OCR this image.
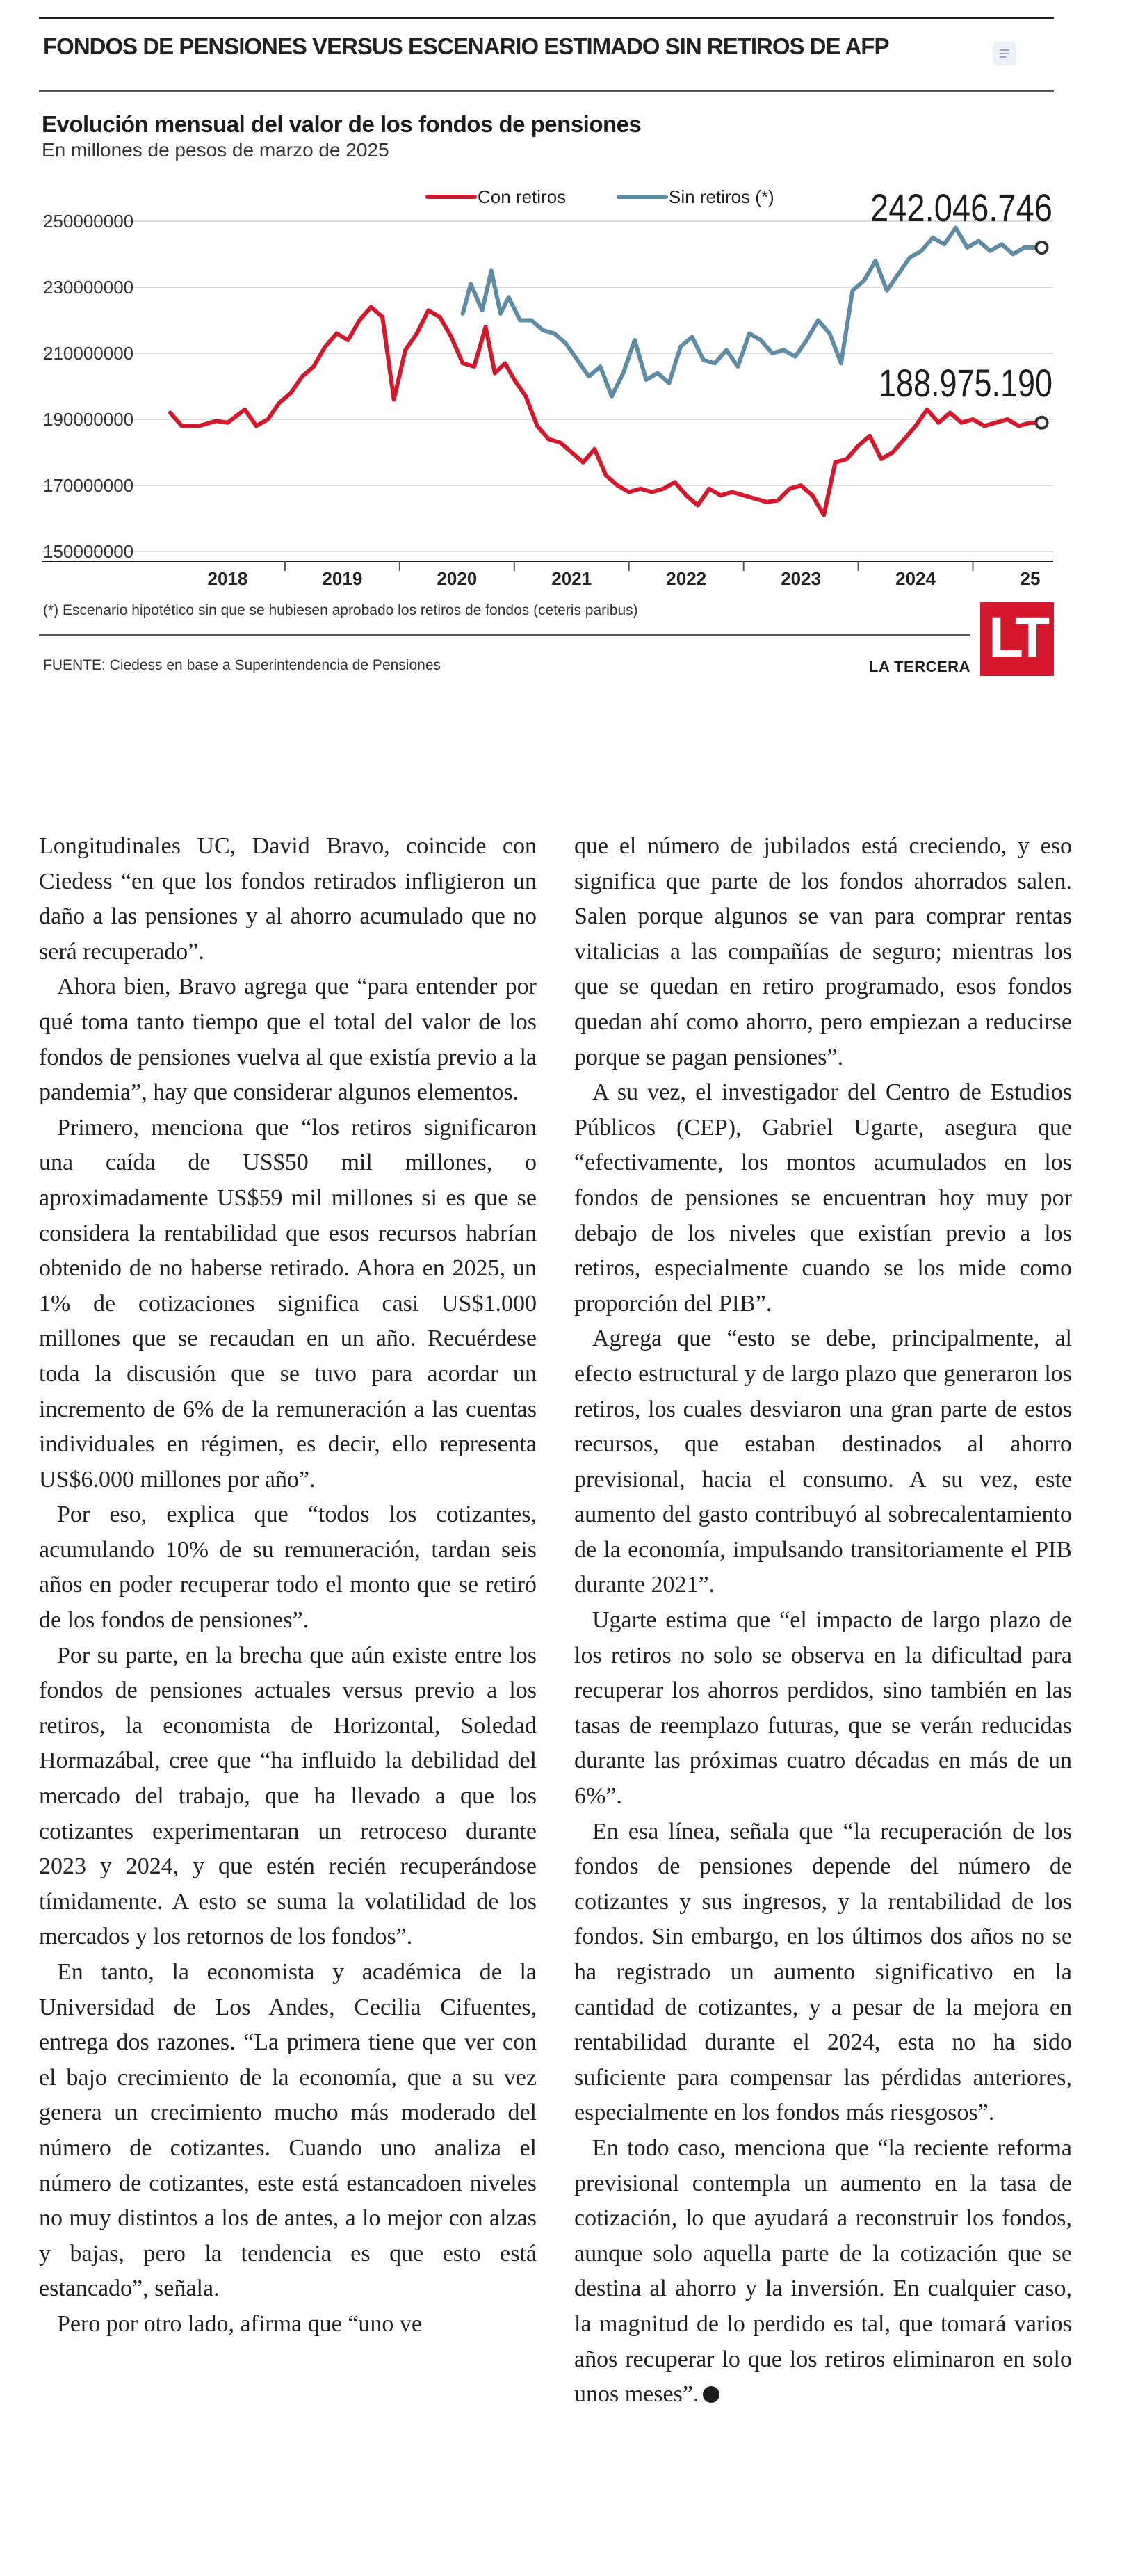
FONDOS DE PENSIONES VERSUS ESCENARIO ESTIMADO SIN RETIROS DE AFP
Evolución mensual del valor de los fondos de pensiones
En millones de pesos de marzo de 2025
250000000
230000000
210000000
190000000
170000000
150000000
2018	2019	2020	2021	2022	2023	2024	25
Con retiros	Sin retiros (*)
188.975.190
242.046.746
(*) Escenario hipotético sin que se hubiesen aprobado los retiros de fondos (ceteris paribus)
FUENTE: Ciedess en base a Superintendencia de Pensiones	LA TERCERA LT

Longitudinales UC, David Bravo, coincide con Ciedess “en que los fondos retirados infligieron un daño a las pensiones y al ahorro acumulado que no será recuperado”.

Ahora bien, Bravo agrega que “para entender por qué toma tanto tiempo que el total del valor de los fondos de pensiones vuelva al que existía previo a la pandemia”, hay que considerar algunos elementos.

Primero, menciona que “los retiros significaron una caída de US$50 mil millones, o aproximadamente US$59 mil millones si es que se considera la rentabilidad que esos recursos habrían obtenido de no haberse retirado. Ahora en 2025, un 1% de cotizaciones significa casi US$1.000 millones que se recaudan en un año. Recuérdese toda la discusión que se tuvo para acordar un incremento de 6% de la remuneración a las cuentas individuales en régimen, es decir, ello representa US$6.000 millones por año”.

Por eso, explica que “todos los cotizantes, acumulando 10% de su remuneración, tardan seis años en poder recuperar todo el monto que se retiró de los fondos de pensiones”.

Por su parte, en la brecha que aún existe entre los fondos de pensiones actuales versus previo a los retiros, la economista de Horizontal, Soledad Hormazábal, cree que “ha influido la debilidad del mercado del trabajo, que ha llevado a que los cotizantes experimentaran un retroceso durante 2023 y 2024, y que estén recién recuperándose tímidamente. A esto se suma la volatilidad de los mercados y los retornos de los fondos”.

En tanto, la economista y académica de la Universidad de Los Andes, Cecilia Cifuentes, entrega dos razones. “La primera tiene que ver con el bajo crecimiento de la economía, que a su vez genera un crecimiento mucho más moderado del número de cotizantes. Cuando uno analiza el número de cotizantes, este está estancadoen niveles no muy distintos a los de antes, a lo mejor con alzas y bajas, pero la tendencia es que esto está estancado”, señala.

Pero por otro lado, afirma que “uno ve

que el número de jubilados está creciendo, y eso significa que parte de los fondos ahorrados salen. Salen porque algunos se van para comprar rentas vitalicias a las compañías de seguro; mientras los que se quedan en retiro programado, esos fondos quedan ahí como ahorro, pero empiezan a reducirse porque se pagan pensiones”.

A su vez, el investigador del Centro de Estudios Públicos (CEP), Gabriel Ugarte, asegura que “efectivamente, los montos acumulados en los fondos de pensiones se encuentran hoy muy por debajo de los niveles que existían previo a los retiros, especialmente cuando se los mide como proporción del PIB”.

Agrega que “esto se debe, principalmente, al efecto estructural y de largo plazo que generaron los retiros, los cuales desviaron una gran parte de estos recursos, que estaban destinados al ahorro previsional, hacia el consumo. A su vez, este aumento del gasto contribuyó al sobrecalentamiento de la economía, impulsando transitoriamente el PIB durante 2021”.

Ugarte estima que “el impacto de largo plazo de los retiros no solo se observa en la dificultad para recuperar los ahorros perdidos, sino también en las tasas de reemplazo futuras, que se verán reducidas durante las próximas cuatro décadas en más de un 6%”.

En esa línea, señala que “la recuperación de los fondos de pensiones depende del número de cotizantes y sus ingresos, y la rentabilidad de los fondos. Sin embargo, en los últimos dos años no se ha registrado un aumento significativo en la cantidad de cotizantes, y a pesar de la mejora en rentabilidad durante el 2024, esta no ha sido suficiente para compensar las pérdidas anteriores, especialmente en los fondos más riesgosos”.

En todo caso, menciona que “la reciente reforma previsional contempla un aumento en la tasa de cotización, lo que ayudará a reconstruir los fondos, aunque solo aquella parte de la cotización que se destina al ahorro y la inversión. En cualquier caso, la magnitud de lo perdido es tal, que tomará varios años recuperar lo que los retiros eliminaron en solo unos meses”.
